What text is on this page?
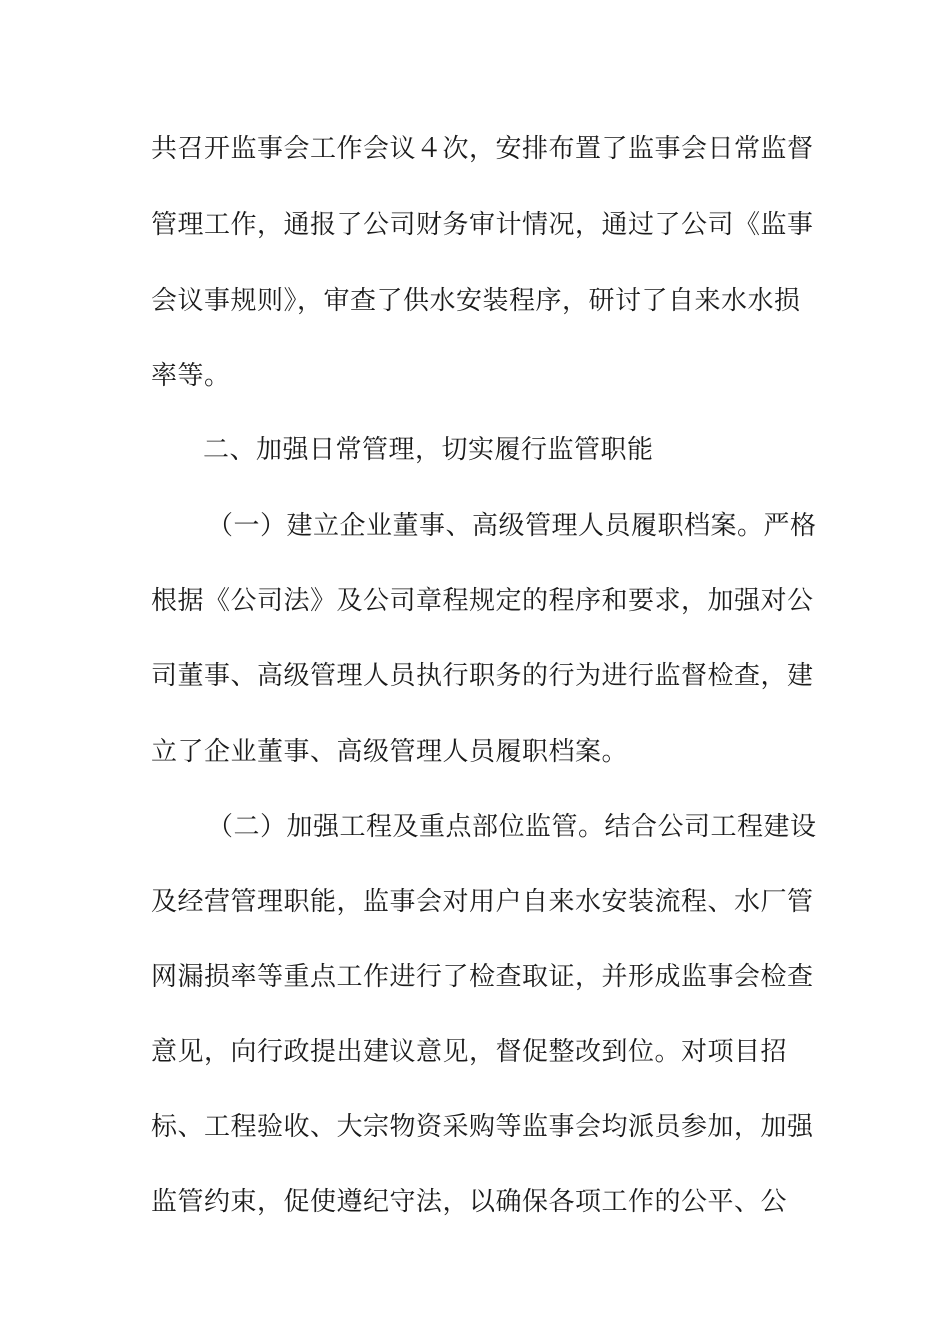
共召开监事会工作会议４次，安排布置了监事会日常监督
管理工作，通报了公司财务审计情况，通过了公司《监事
会议事规则》，审查了供水安装程序，研讨了自来水水损
率等。
二、加强日常管理，切实履行监管职能
（一）建立企业董事、高级管理人员履职档案。严格
根据《公司法》及公司章程规定的程序和要求，加强对公
司董事、高级管理人员执行职务的行为进行监督检查，建
立了企业董事、高级管理人员履职档案。
（二）加强工程及重点部位监管。结合公司工程建设
及经营管理职能，监事会对用户自来水安装流程、水厂管
网漏损率等重点工作进行了检查取证，并形成监事会检查
意见，向行政提出建议意见，督促整改到位。对项目招
标、工程验收、大宗物资采购等监事会均派员参加，加强
监管约束，促使遵纪守法，以确保各项工作的公平、公
